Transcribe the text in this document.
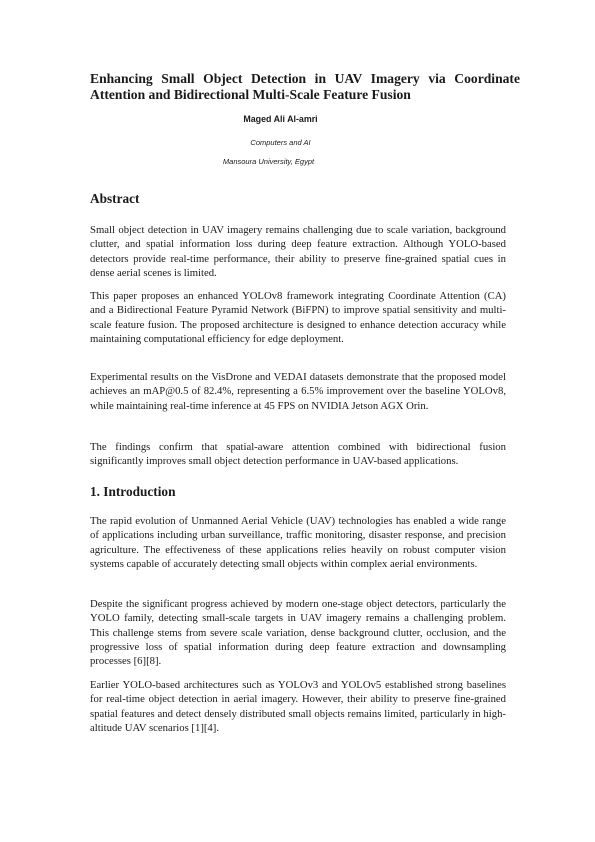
Enhancing Small Object Detection in UAV Imagery via Coordinate Attention and Bidirectional Multi-Scale Feature Fusion

Maged Ali Al-amri

Computers and AI

Mansoura University, Egypt

Abstract

Small object detection in UAV imagery remains challenging due to scale variation, background clutter, and spatial information loss during deep feature extraction. Although YOLO-based detectors provide real-time performance, their ability to preserve fine-grained spatial cues in dense aerial scenes is limited.

This paper proposes an enhanced YOLOv8 framework integrating Coordinate Attention (CA) and a Bidirectional Feature Pyramid Network (BiFPN) to improve spatial sensitivity and multi-scale feature fusion. The proposed architecture is designed to enhance detection accuracy while maintaining computational efficiency for edge deployment.

Experimental results on the VisDrone and VEDAI datasets demonstrate that the proposed model achieves an mAP@0.5 of 82.4%, representing a 6.5% improvement over the baseline YOLOv8, while maintaining real-time inference at 45 FPS on NVIDIA Jetson AGX Orin.

The findings confirm that spatial-aware attention combined with bidirectional fusion significantly improves small object detection performance in UAV-based applications.

1. Introduction

The rapid evolution of Unmanned Aerial Vehicle (UAV) technologies has enabled a wide range of applications including urban surveillance, traffic monitoring, disaster response, and precision agriculture. The effectiveness of these applications relies heavily on robust computer vision systems capable of accurately detecting small objects within complex aerial environments.

Despite the significant progress achieved by modern one-stage object detectors, particularly the YOLO family, detecting small-scale targets in UAV imagery remains a challenging problem. This challenge stems from severe scale variation, dense background clutter, occlusion, and the progressive loss of spatial information during deep feature extraction and downsampling processes [6][8].

Earlier YOLO-based architectures such as YOLOv3 and YOLOv5 established strong baselines for real-time object detection in aerial imagery. However, their ability to preserve fine-grained spatial features and detect densely distributed small objects remains limited, particularly in high-altitude UAV scenarios [1][4].
